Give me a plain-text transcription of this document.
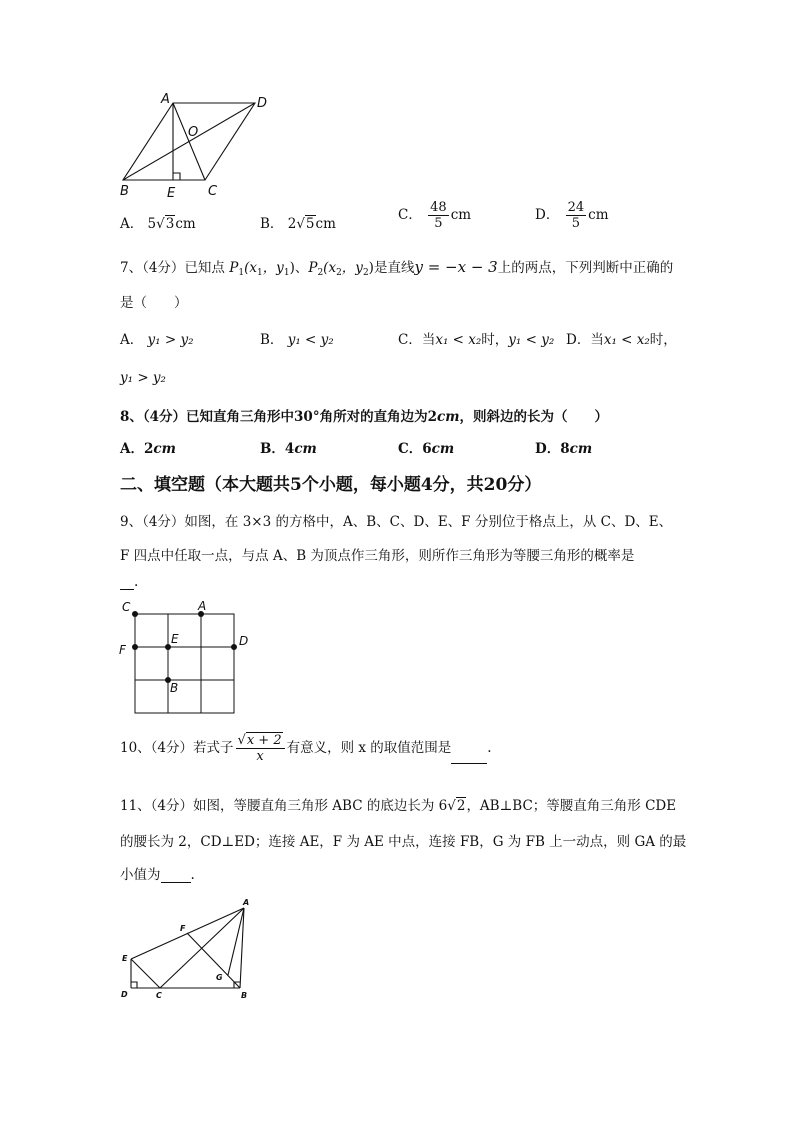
A	D
O
B	E	C
A． 5√3cm	B． 2√5cm
C． $\frac{48}{5}$ cm	D． $\frac{24}{5}$ cm
7、（4分）已知点 $P_1(x_1$，$y_1$)、$P_2(x_2$，$y_2$)是直线y = −x − 3上的两点，下列判断中正确的
是（　　）
A． y₁ > y₂	B． y₁ < y₂	C．当x₁ < x₂时，y₁ < y₂ D．当x₁ < x₂时，
y₁ > y₂
8、（4分）已知直角三角形中30°角所对的直角边为2cm，则斜边的长为（　　）
A．2cm	B．4cm	C．6cm	D．8cm
二、填空题（本大题共5个小题，每小题4分，共20分）
9、（4分）如图，在 3×3 的方格中，A、B、C、D、E、F 分别位于格点上，从 C、D、E、
F 四点中任取一点，与点 A、B 为顶点作三角形，则所作三角形为等腰三角形的概率是
.
C	A
E	D
F
B
10、（4分）若式子 $\frac{√x + 2}{x}$ 有意义，则 x 的取值范围是	.
11、（4分）如图，等腰直角三角形 ABC 的底边长为 6√2，AB⊥BC；等腰直角三角形 CDE
的腰长为 2，CD⊥ED；连接 AE，F 为 AE 中点，连接 FB，G 为 FB 上一动点，则 GA 的最
小值为 .
A
F
E
G
D	C	B
